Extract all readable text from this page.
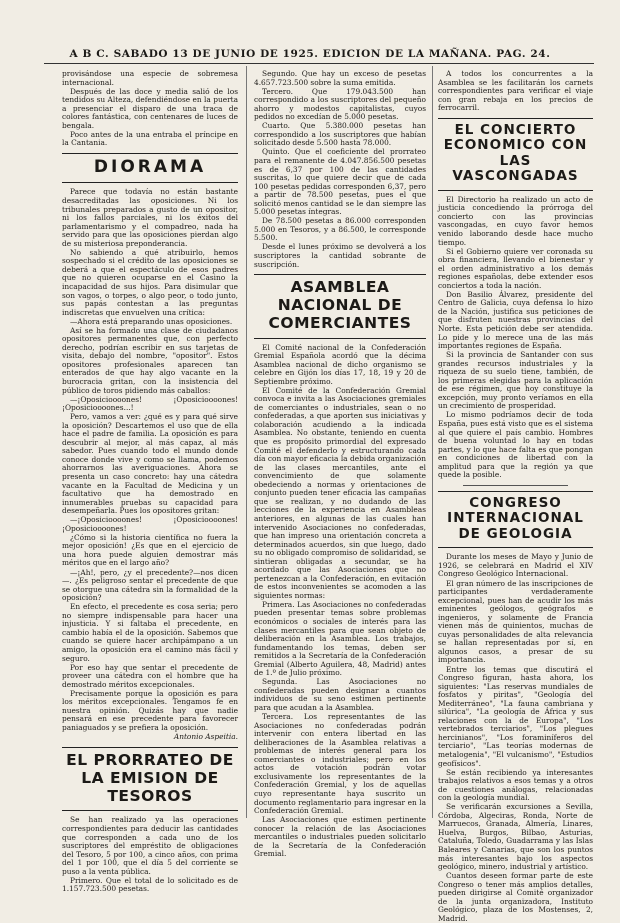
A B C. SABADO 13 DE JUNIO DE 1925. EDICION DE LA MAÑANA. PAG. 24.

provisándose una especie de sobremesa internacional.

Después de las doce y media salió de los tendidos su Alteza, defendiéndose en la puerta a presenciar el disparo de una traca de colores fantástica, con centenares de luces de bengala.

Poco antes de la una entraba el príncipe en la Cantania.

DIORAMA

Parece que todavía no están bastante desacreditadas las oposiciones. Ni los tribunales preparados a gusto de un opositor, ni los fallos parciales, ni los éxitos del parlamentarismo y el compadreo, nada ha servido para que las oposiciones pierdan algo de su misteriosa preponderancia.

No sabiendo a qué atribuirlo, hemos sospechado si el crédito de las oposiciones se deberá a que el espectáculo de esos padres que no quieren ocuparse en el Casino la incapacidad de sus hijos. Para disimular que son vagos, o torpes, o algo peor, o todo junto, sus papás contestan a las preguntas indiscretas que envuelven una crítica:

—Ahora está preparando unas oposiciones.

Así se ha formado una clase de ciudadanos opositores permanentes que, con perfecto derecho, podrían escribir en sus tarjetas de visita, debajo del nombre, "opositor". Estos opositores profesionales aparecen tan enterados de que hay algo vacante en la burocracia gritan, con la insistencia del público de toros pidiendo más caballos:

—¡Oposicioooones! ¡Oposicioooones! ¡Oposicioooones...!

Pero, vamos a ver: ¿qué es y para qué sirve la oposición? Descartemos el uso que de ella hace el padre de familia. La oposición es para descubrir al mejor, al más capaz, al más sabedor. Pues cuando todo el mundo donde conoce donde vive y como se llama, podemos ahorrarnos las averiguaciones. Ahora se presenta un caso concreto: hay una cátedra vacante en la Facultad de Medicina y un facultativo que ha demostrado en innumerables pruebas su capacidad para desempeñarla. Pues los opositores gritan:

—¡Oposicioooones! ¡Oposicioooones! ¡Oposicioooones!

¿Cómo si la historia científica no fuera la mejor oposición! ¿Es que en el ejercicio de una hora puede alguien demostrar más méritos que en el largo año?

—¡Ah!, pero, ¿y el precedente?—nos dicen—. ¿Es peligroso sentar el precedente de que se otorgue una cátedra sin la formalidad de la oposición?

En efecto, el precedente es cosa seria; pero no siempre indispensable para hacer una injusticia. Y si faltaba el precedente, en cambio había el de la oposición. Sabemos que cuando se quiere hacer archipámpano a un amigo, la oposición era el camino más fácil y seguro.

Por eso hay que sentar el precedente de proveer una cátedra con el hombre que ha demostrado méritos excepcionales.

Precisamente porque la oposición es para los méritos excepcionales. Tengamos fe en nuestra opinión. Quizás hay que nadie pensará en ese precedente para favorecer paniaguados y se prefiera la oposición.

Antonio Aspeitia.
EL PRORRATEO DE LA EMISION DE TESOROS

Se han realizado ya las operaciones correspondientes para deducir las cantidades que corresponden a cada uno de los suscriptores del empréstito de obligaciones del Tesoro, 5 por 100, a cinco años, con prima del 1 por 100, que el día 5 del corriente se puso a la venta pública.

Primero. Que el total de lo solicitado es de 1.157.723.500 pesetas.

Segundo. Que hay un exceso de pesetas 4.657.723.500 sobre la suma emitida.

Tercero. Que 179.043.500 han correspondido a los suscriptores del pequeño ahorro y modestos capitalistas, cuyos pedidos no excedían de 5.000 pesetas.

Cuarto. Que 5.380.000 pesetas han correspondido a los suscriptores que habían solicitado desde 5.500 hasta 78.000.

Quinto. Que el coeficiente del prorrateo para el remanente de 4.047.856.500 pesetas es de 6,37 por 100 de las cantidades suscritas, lo que quiere decir que de cada 100 pesetas pedidas corresponden 6,37, pero a partir de 78.500 pesetas, pues el que solicitó menos cantidad se le dan siempre las 5.000 pesetas íntegras.

De 78.500 pesetas a 86.000 corresponden 5.000 en Tesoros, y a 86.500, le corresponde 5.500.

Desde el lunes próximo se devolverá a los suscriptores la cantidad sobrante de suscripción.

ASAMBLEA NACIONAL DE COMERCIANTES

El Comité nacional de la Confederación Gremial Española acordó que la décima Asamblea nacional de dicho organismo se celebre en Gijón los días 17, 18, 19 y 20 de Septiembre próximo.

El Comité de la Confederación Gremial convoca e invita a las Asociaciones gremiales de comerciantes o industriales, sean o no confederadas, a que aporten sus iniciativas y colaboración acudiendo a la indicada Asamblea. No obstante, teniendo en cuenta que es propósito primordial del expresado Comité el defenderlo y estructurando cada día con mayor eficacia la debida organización de las clases mercantiles, ante el convencimiento de que solamente obedeciendo a normas y orientaciones de conjunto pueden tener eficacia las campañas que se realizan, y no dudando de las lecciones de la experiencia en Asambleas anteriores, en algunas de las cuales han intervenido Asociaciones no confederadas, que han impreso una orientación concreta a determinados acuerdos, sin que luego, dado su no obligado compromiso de solidaridad, se sintieran obligadas a secundar, se ha acordado que las Asociaciones que no pertenezcan a la Confederación, en evitación de estos inconvenientes se acomoden a las siguientes normas:

Primera. Las Asociaciones no confederadas pueden presentar temas sobre problemas económicos o sociales de interés para las clases mercantiles para que sean objeto de deliberación en la Asamblea. Los trabajos, fundamentando los temas, deben ser remitidos a la Secretaría de la Confederación Gremial (Alberto Aguilera, 48, Madrid) antes de 1.º de Julio próximo.

Segunda. Las Asociaciones no confederadas pueden designar a cuantos individuos de su seno estimen pertinente para que acudan a la Asamblea.

Tercera. Los representantes de las Asociaciones no confederadas podrán intervenir con entera libertad en las deliberaciones de la Asamblea relativas a problemas de interés general para los comerciantes o industriales; pero en los actos de votación podrán votar exclusivamente los representantes de la Confederación Gremial, y los de aquellas cuyo representante haya suscrito un documento reglamentario para ingresar en la Confederación Gremial.

Las Asociaciones que estimen pertinente conocer la relación de las Asociaciones mercantiles o industriales pueden solicitarlo de la Secretaría de la Confederación Gremial.

A todos los concurrentes a la Asamblea se les facilitarán los carnets correspondientes para verificar el viaje con gran rebaja en los precios de ferrocarril.

EL CONCIERTO ECONOMICO CON LAS VASCONGADAS

El Directorio ha realizado un acto de justicia concediendo la prórroga del concierto con las provincias vascongadas, en cuyo favor hemos venido laborando desde hace mucho tiempo.

Si el Gobierno quiere ver coronada su obra financiera, llevando el bienestar y el orden administrativo a los demás regiones españolas, debe extender esos conciertos a toda la nación.

Don Basilio Álvarez, presidente del Centro de Galicia, cuya defensa lo hizo de la Nación, justifica sus peticiones de que disfruten nuestras provincias del Norte. Esta petición debe ser atendida. Lo pide y lo merece una de las más importantes regiones de España.

Si la provincia de Santander con sus grandes recursos industriales y la riqueza de su suelo tiene, también, de los primeras elegidas para la aplicación de ese régimen, que hoy constituye la excepción, muy pronto veríamos en ella un crecimiento de prosperidad.

Lo mismo podríamos decir de toda España, pues está visto que es el sistema al que quiere el país cambio. Hombres de buena voluntad lo hay en todas partes, y lo que hace falta es que pongan en condiciones de libertad con la amplitud para que la región ya que quede la posible.

CONGRESO INTERNACIONAL DE GEOLOGIA

Durante los meses de Mayo y Junio de 1926, se celebrará en Madrid el XIV Congreso Geológico Internacional.

El gran número de las inscripciones de participantes verdaderamente excepcional, pues han de acudir los más eminentes geólogos, geógrafos e ingenieros, y solamente de Francia vienen más de quinientos, muchas de cuyas personalidades de alta relevancia se hallan representadas por sí, en algunos casos, a presar de su importancia.

Entre los temas que discutirá el Congreso figuran, hasta ahora, los siguientes: "Las reservas mundiales de fosfatos y piritas", "Geología del Mediterráneo", "La fauna cambriana y silúrica", "La geología de África y sus relaciones con la de Europa", "Los vertebrados terciarios", "Los plegues hercinianos", "Los foraminíferos del terciario", "Las teorías modernas de metalogenia", "El vulcanismo", "Estudios geofísicos".

Se están recibiendo ya interesantes trabajos relativos a esos temas y a otros de cuestiones análogas, relacionadas con la geología mundial.

Se verificarán excursiones a Sevilla, Córdoba, Algeciras, Ronda, Norte de Marruecos, Granada, Almería, Linares, Huelva, Burgos, Bilbao, Asturias, Cataluña, Toledo, Guadarrama y las Islas Baleares y Canarias, que son los puntos más interesantes bajo los aspectos geológico, minero, industrial y artístico.

Cuantos deseen formar parte de este Congreso o tener más amplios detalles, pueden dirigirse al Comité organizador de la junta organizadora, Instituto Geológico, plaza de los Mostenses, 2, Madrid.
